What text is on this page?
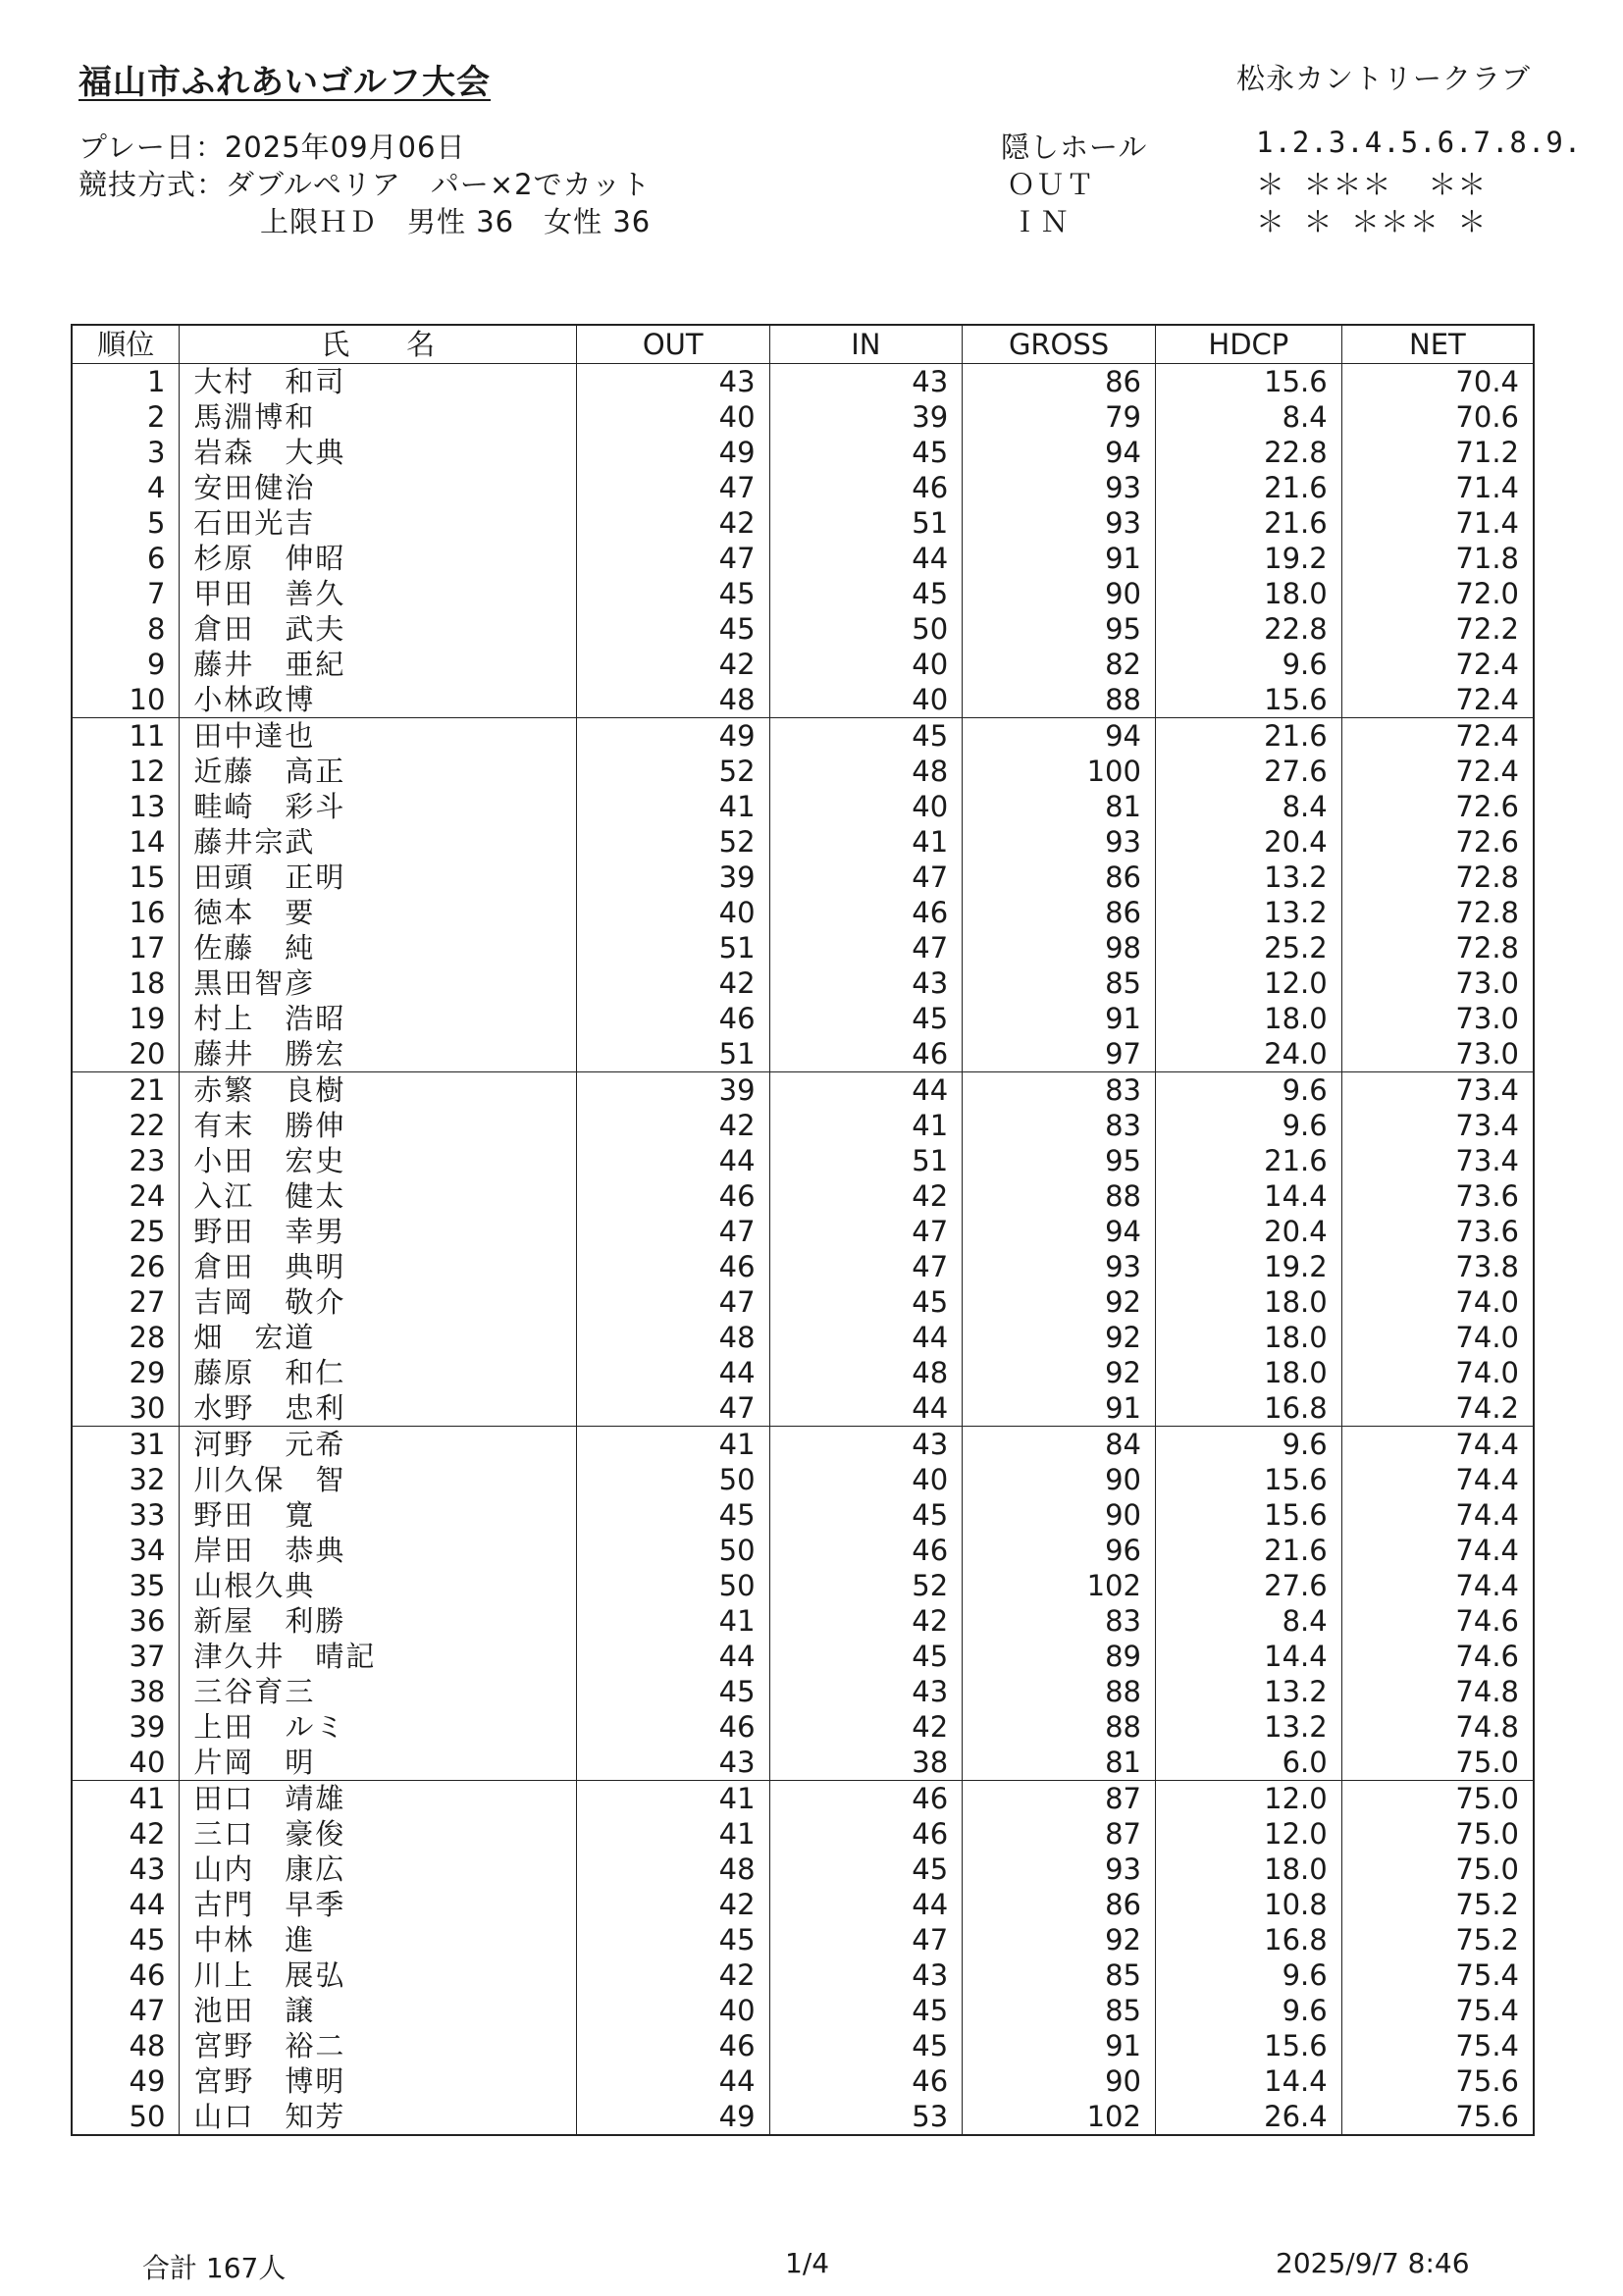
福山市ふれあいゴルフ大会	松永カントリークラブ
プレー日：2025年09月06日
競技方式：ダブルペリア　パー×2でカット
上限ＨＤ　男性 36　女性 36
隠しホール
ＯＵＴ
ＩＮ
1.2.3.4.5.6.7.8.9.
＊ ＊＊＊  ＊＊
＊ ＊ ＊＊＊ ＊
順位	氏　　名	OUT	IN	GROSS	HDCP	NET
1	大村　和司	43	43	86	15.6	70.4
2	馬淵博和	40	39	79	8.4	70.6
3	岩森　大典	49	45	94	22.8	71.2
4	安田健治	47	46	93	21.6	71.4
5	石田光吉	42	51	93	21.6	71.4
6	杉原　伸昭	47	44	91	19.2	71.8
7	甲田　善久	45	45	90	18.0	72.0
8	倉田　武夫	45	50	95	22.8	72.2
9	藤井　亜紀	42	40	82	9.6	72.4
10	小林政博	48	40	88	15.6	72.4
11	田中達也	49	45	94	21.6	72.4
12	近藤　高正	52	48	100	27.6	72.4
13	畦崎　彩斗	41	40	81	8.4	72.6
14	藤井宗武	52	41	93	20.4	72.6
15	田頭　正明	39	47	86	13.2	72.8
16	徳本　要	40	46	86	13.2	72.8
17	佐藤　純	51	47	98	25.2	72.8
18	黒田智彦	42	43	85	12.0	73.0
19	村上　浩昭	46	45	91	18.0	73.0
20	藤井　勝宏	51	46	97	24.0	73.0
21	赤繁　良樹	39	44	83	9.6	73.4
22	有末　勝伸	42	41	83	9.6	73.4
23	小田　宏史	44	51	95	21.6	73.4
24	入江　健太	46	42	88	14.4	73.6
25	野田　幸男	47	47	94	20.4	73.6
26	倉田　典明	46	47	93	19.2	73.8
27	吉岡　敬介	47	45	92	18.0	74.0
28	畑　宏道	48	44	92	18.0	74.0
29	藤原　和仁	44	48	92	18.0	74.0
30	水野　忠利	47	44	91	16.8	74.2
31	河野　元希	41	43	84	9.6	74.4
32	川久保　智	50	40	90	15.6	74.4
33	野田　寛	45	45	90	15.6	74.4
34	岸田　恭典	50	46	96	21.6	74.4
35	山根久典	50	52	102	27.6	74.4
36	新屋　利勝	41	42	83	8.4	74.6
37	津久井　晴記	44	45	89	14.4	74.6
38	三谷育三	45	43	88	13.2	74.8
39	上田　ルミ	46	42	88	13.2	74.8
40	片岡　明	43	38	81	6.0	75.0
41	田口　靖雄	41	46	87	12.0	75.0
42	三口　豪俊	41	46	87	12.0	75.0
43	山内　康広	48	45	93	18.0	75.0
44	古門　早季	42	44	86	10.8	75.2
45	中林　進	45	47	92	16.8	75.2
46	川上　展弘	42	43	85	9.6	75.4
47	池田　譲	40	45	85	9.6	75.4
48	宮野　裕二	46	45	91	15.6	75.4
49	宮野　博明	44	46	90	14.4	75.6
50	山口　知芳	49	53	102	26.4	75.6
合計 167人	1/4	2025/9/7 8:46
